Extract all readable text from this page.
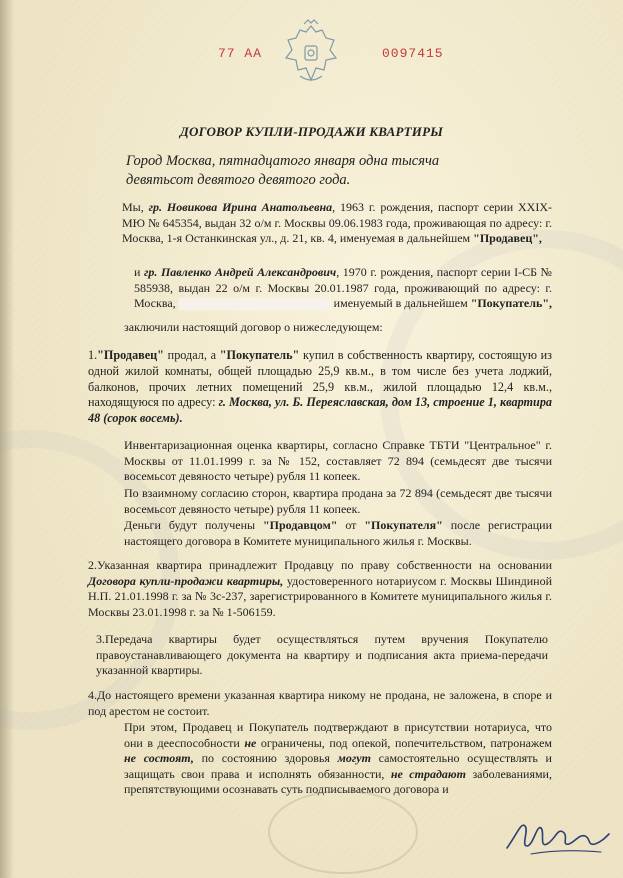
77 АА	0097415
ДОГОВОР КУПЛИ-ПРОДАЖИ КВАРТИРЫ
Город Москва, пятнадцатого января одна тысяча
девятьсот девятого девятого года.

Мы, гр. Новикова Ирина Анатольевна, 1963 г. рождения, паспорт серии XXIX-МЮ № 645354, выдан 32 о/м г. Москвы 09.06.1983 года, проживающая по адресу: г. Москва, 1-я Останкинская ул., д. 21, кв. 4, именуемая в дальнейшем "Продавец",

и гр. Павленко Андрей Александрович, 1970 г. рождения, паспорт серии I-СБ № 585938, выдан 22 о/м г. Москвы 20.01.1987 года, проживающий по адресу: г. Москва,	именуемый в дальнейшем "Покупатель",

заключили настоящий договор о нижеследующем:
1."Продавец" продал, а "Покупатель" купил в собственность квартиру, состоящую из одной жилой комнаты, общей площадью 25,9 кв.м., в том числе без учета лоджий, балконов, прочих летних помещений 25,9 кв.м., жилой площадью 12,4 кв.м., находящуюся по адресу: г. Москва, ул. Б. Переяславская, дом 13, строение 1, квартира 48 (сорок восемь).

Инвентаризационная оценка квартиры, согласно Справке ТБТИ "Центральное" г. Москвы от 11.01.1999 г. за № 152, составляет 72 894 (семьдесят две тысячи восемьсот девяносто четыре) рубля 11 копеек.

По взаимному согласию сторон, квартира продана за 72 894 (семьдесят две тысячи восемьсот девяносто четыре) рубля 11 копеек.

Деньги будут получены "Продавцом" от "Покупателя" после регистрации настоящего договора в Комитете муниципального жилья г. Москвы.

2.Указанная квартира принадлежит Продавцу по праву собственности на основании Договора купли-продажи квартиры, удостоверенного нотариусом г. Москвы Шиндиной Н.П. 21.01.1998 г. за № 3с-237, зарегистрированного в Комитете муниципального жилья г. Москвы 23.01.1998 г. за № 1-506159.

3.Передача квартиры будет осуществляться путем вручения Покупателю правоустанавливающего документа на квартиру и подписания акта приема-передачи указанной квартиры.

4.До настоящего времени указанная квартира никому не продана, не заложена, в споре и под арестом не состоит.

При этом, Продавец и Покупатель подтверждают в присутствии нотариуса, что они в дееспособности не ограничены, под опекой, попечительством, патронажем не состоят, по состоянию здоровья могут самостоятельно осуществлять и защищать свои права и исполнять обязанности, не страдают заболеваниями, препятствующими осознавать суть подписываемого договора и
